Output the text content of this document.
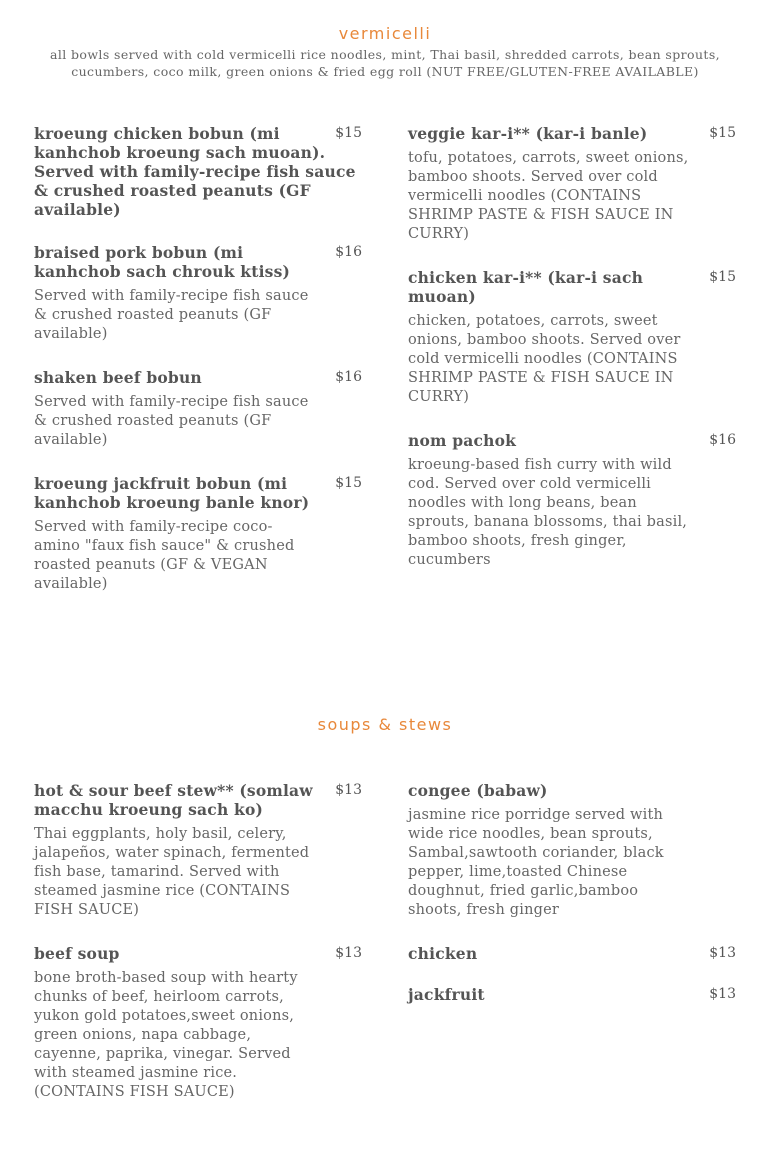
vermicelli
all bowls served with cold vermicelli rice noodles, mint, Thai basil, shredded carrots, bean sprouts, cucumbers, coco milk, green onions & fried egg roll (NUT FREE/GLUTEN-FREE AVAILABLE)
kroeung chicken bobun (mi kanhchob kroeung sach muoan). Served with family-recipe fish sauce & crushed roasted peanuts (GF available)
$15
braised pork bobun (mi kanhchob sach chrouk ktiss)
$16
Served with family-recipe fish sauce & crushed roasted peanuts (GF available)
shaken beef bobun	$16
Served with family-recipe fish sauce & crushed roasted peanuts (GF available)
kroeung jackfruit bobun (mi kanhchob kroeung banle knor)
$15
Served with family-recipe coco-amino "faux fish sauce" & crushed roasted peanuts (GF & VEGAN available)
veggie kar-i** (kar-i banle)	$15
tofu, potatoes, carrots, sweet onions, bamboo shoots. Served over cold vermicelli noodles (CONTAINS SHRIMP PASTE & FISH SAUCE IN CURRY)
chicken kar-i** (kar-i sach muoan)
$15
chicken, potatoes, carrots, sweet onions, bamboo shoots. Served over cold vermicelli noodles (CONTAINS SHRIMP PASTE & FISH SAUCE IN CURRY)
nom pachok	$16
kroeung-based fish curry with wild cod. Served over cold vermicelli noodles with long beans, bean sprouts, banana blossoms, thai basil, bamboo shoots, fresh ginger, cucumbers
soups & stews
hot & sour beef stew** (somlaw macchu kroeung sach ko)
$13
Thai eggplants, holy basil, celery, jalapeños, water spinach, fermented fish base, tamarind. Served with steamed jasmine rice (CONTAINS FISH SAUCE)
beef soup	$13
bone broth-based soup with hearty chunks of beef, heirloom carrots, yukon gold potatoes,sweet onions, green onions, napa cabbage, cayenne, paprika, vinegar. Served with steamed jasmine rice. (CONTAINS FISH SAUCE)
congee (babaw)
jasmine rice porridge served with wide rice noodles, bean sprouts, Sambal,sawtooth coriander, black pepper, lime,toasted Chinese doughnut, fried garlic,bamboo shoots, fresh ginger
chicken	$13
jackfruit	$13
